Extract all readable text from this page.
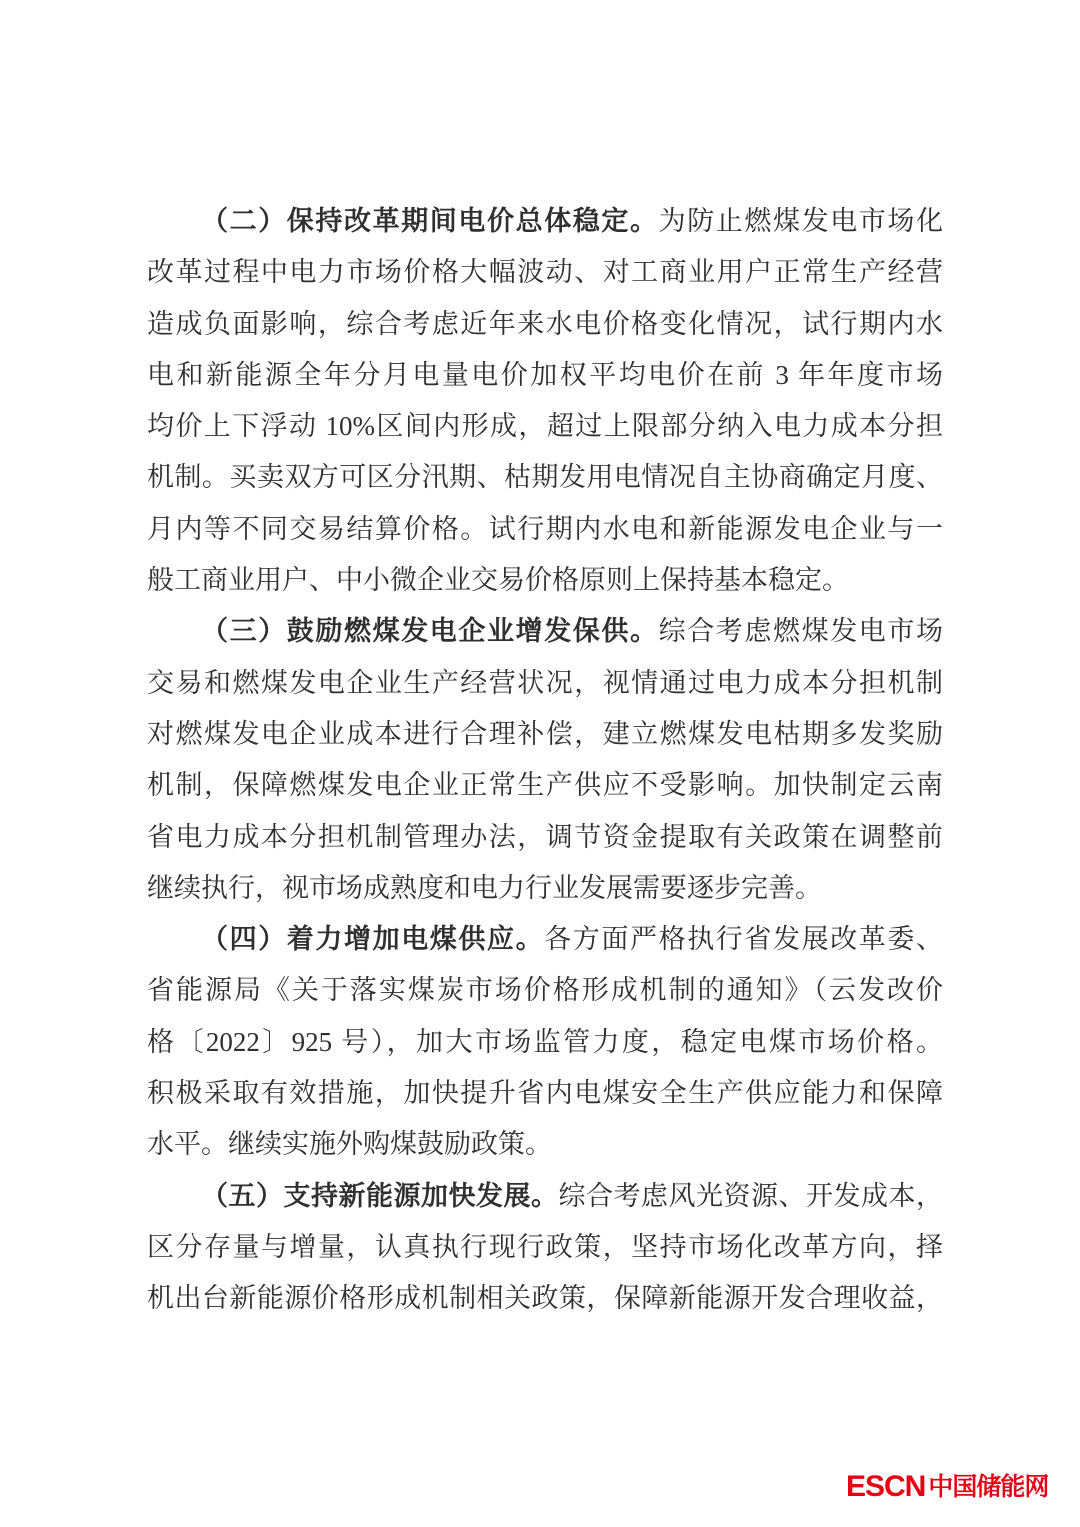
（二）保持改革期间电价总体稳定。为防止燃煤发电市场化
改革过程中电力市场价格大幅波动、对工商业用户正常生产经营
造成负面影响，综合考虑近年来水电价格变化情况，试行期内水
电和新能源全年分月电量电价加权平均电价在前 3 年年度市场
均价上下浮动 10%区间内形成，超过上限部分纳入电力成本分担
机制。买卖双方可区分汛期、枯期发用电情况自主协商确定月度、
月内等不同交易结算价格。试行期内水电和新能源发电企业与一
般工商业用户、中小微企业交易价格原则上保持基本稳定。
（三）鼓励燃煤发电企业增发保供。综合考虑燃煤发电市场
交易和燃煤发电企业生产经营状况，视情通过电力成本分担机制
对燃煤发电企业成本进行合理补偿，建立燃煤发电枯期多发奖励
机制，保障燃煤发电企业正常生产供应不受影响。加快制定云南
省电力成本分担机制管理办法，调节资金提取有关政策在调整前
继续执行，视市场成熟度和电力行业发展需要逐步完善。
（四）着力增加电煤供应。各方面严格执行省发展改革委、
省能源局《关于落实煤炭市场价格形成机制的通知》（云发改价
格〔2022〕925 号），加大市场监管力度，稳定电煤市场价格。
积极采取有效措施，加快提升省内电煤安全生产供应能力和保障
水平。继续实施外购煤鼓励政策。
（五）支持新能源加快发展。综合考虑风光资源、开发成本，
区分存量与增量，认真执行现行政策，坚持市场化改革方向，择
机出台新能源价格形成机制相关政策，保障新能源开发合理收益，
ESCN 中国储能网
